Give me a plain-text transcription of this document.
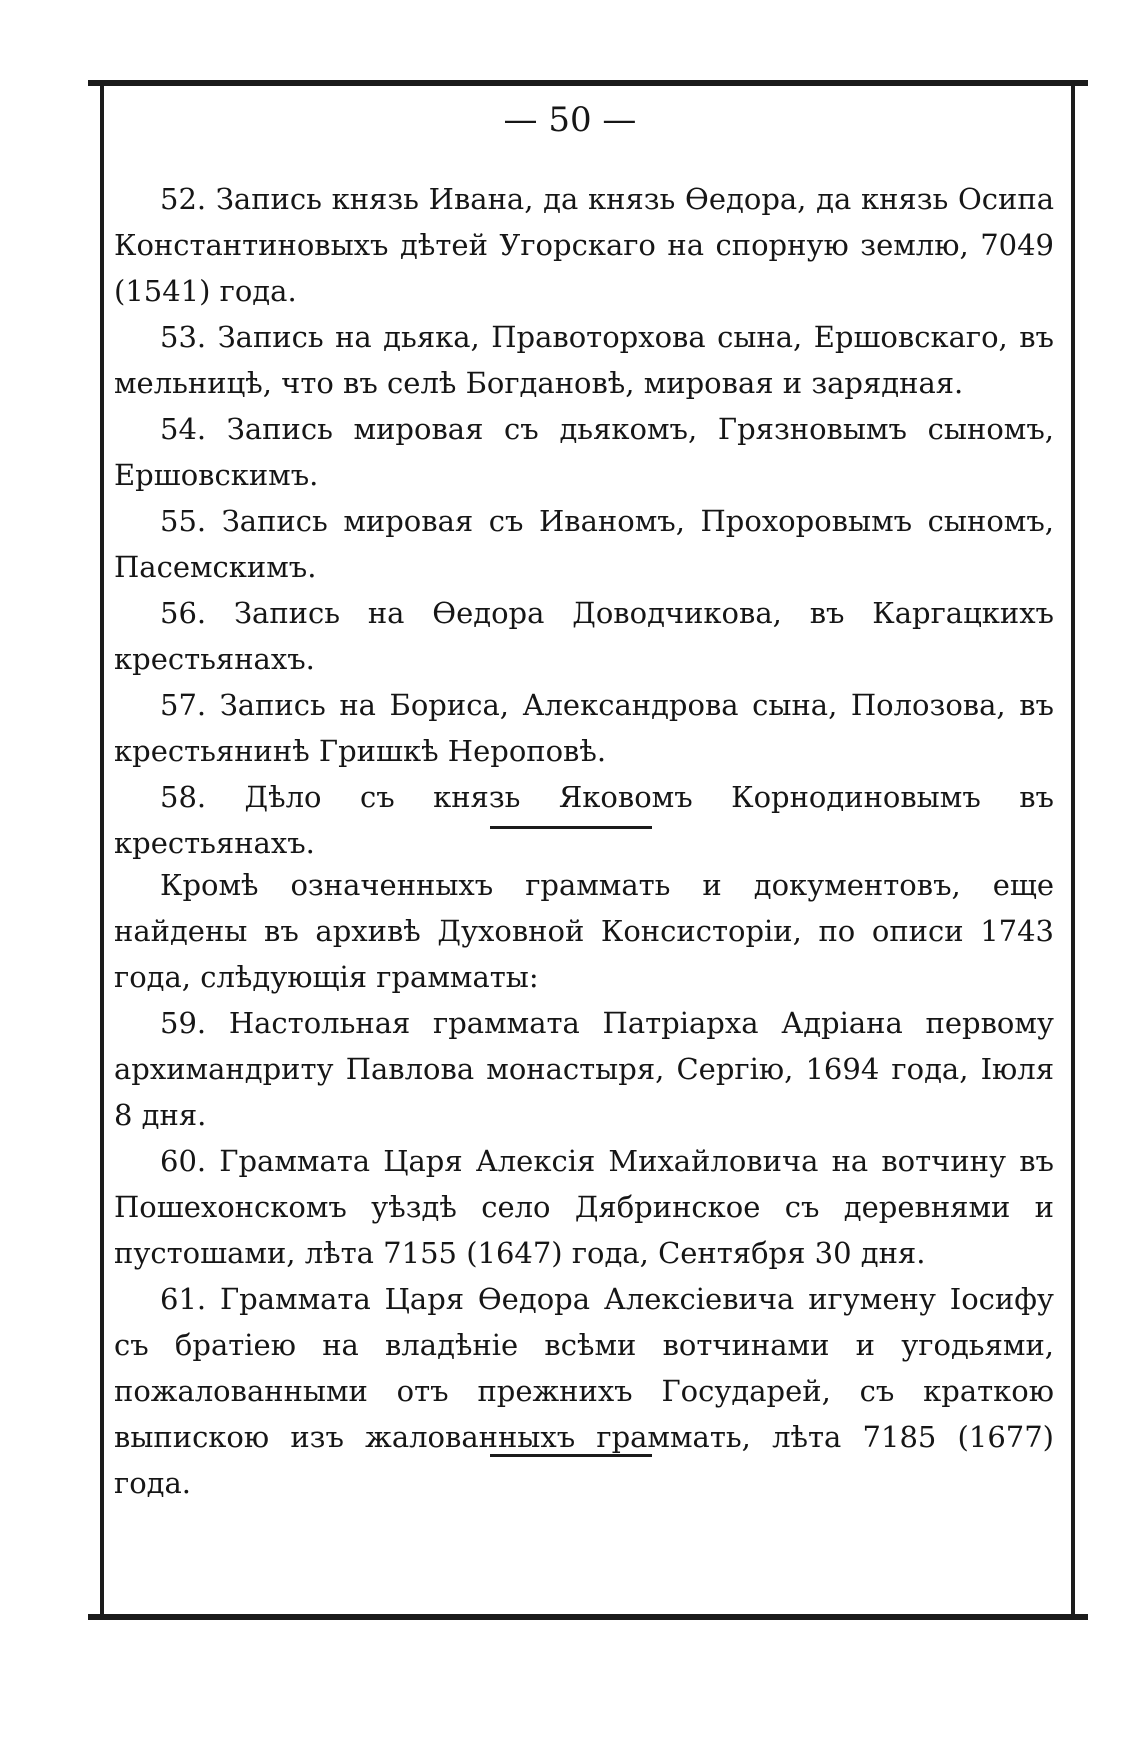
— 50 —

52. Запись князь Ивана, да князь Өедора, да князь Осипа Константиновыхъ дѣтей Угорскаго на спорную землю, 7049 (1541) года.

53. Запись на дьяка, Правоторхова сына, Ершовскаго, въ мельницѣ, что въ селѣ Богдановѣ, мировая и зарядная.

54. Запись мировая съ дьякомъ, Грязновымъ сыномъ, Ершовскимъ.

55. Запись мировая съ Иваномъ, Прохоровымъ сыномъ, Пасемскимъ.

56. Запись на Өедора Доводчикова, въ Каргацкихъ крестьянахъ.

57. Запись на Бориса, Александрова сына, Полозова, въ крестьянинѣ Гришкѣ Нероповѣ.

58. Дѣло съ князь Яковомъ Корнодиновымъ въ крестьянахъ.

Кромѣ означенныхъ граммать и документовъ, еще найдены въ архивѣ Духовной Консисторіи, по описи 1743 года, слѣдующія грамматы:

59. Настольная граммата Патріарха Адріана первому архимандриту Павлова монастыря, Сергію, 1694 года, Іюля 8 дня.

60. Граммата Царя Алексія Михайловича на вотчину въ Пошехонскомъ уѣздѣ село Дябринское съ деревнями и пустошами, лѣта 7155 (1647) года, Сентября 30 дня.

61. Граммата Царя Өедора Алексіевича игумену Іосифу съ братіею на владѣніе всѣми вотчинами и угодьями, пожалованными отъ прежнихъ Государей, съ краткою выпискою изъ жалованныхъ граммать, лѣта 7185 (1677) года.
